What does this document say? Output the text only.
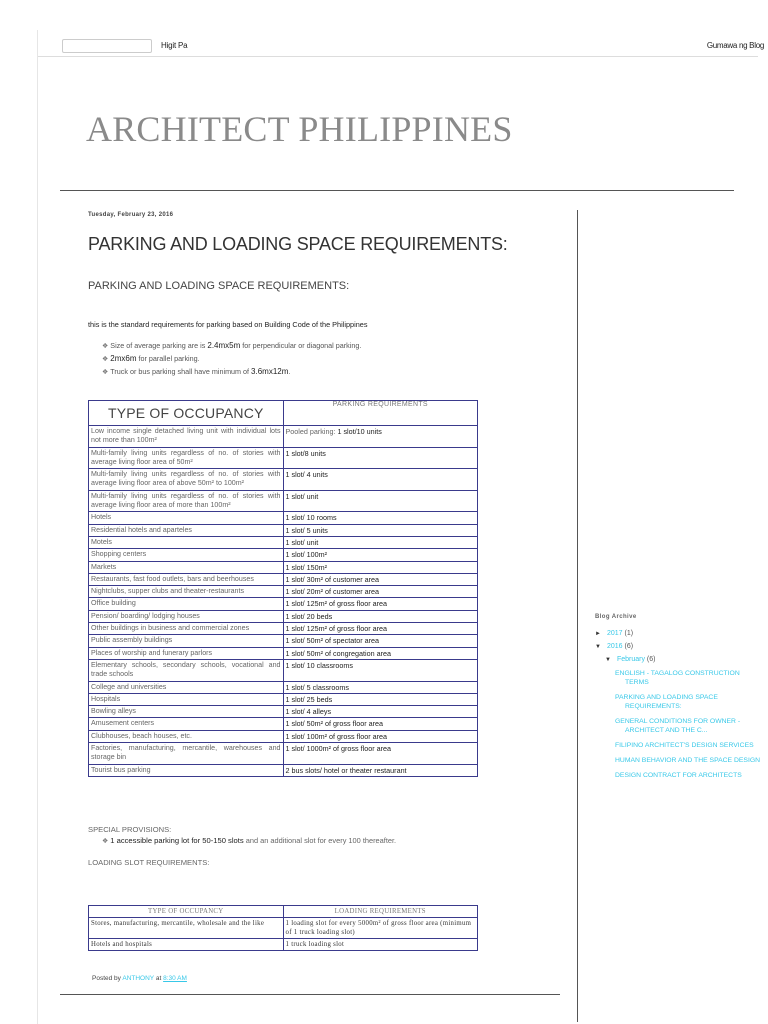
Higit Pa	Gumawa ng Blog
ARCHITECT PHILIPPINES
Tuesday, February 23, 2016
PARKING AND LOADING SPACE REQUIREMENTS:
PARKING AND LOADING SPACE REQUIREMENTS:
this is the standard requirements for parking based on Building Code of the Philippines
❖ Size of average parking are is 2.4mx5m for perpendicular or diagonal parking.
❖ 2mx6m for parallel parking.
❖ Truck or bus parking shall have minimum of 3.6mx12m.
TYPE OF OCCUPANCY	PARKING REQUIREMENTS
Low income single detached living unit with individual lots not more than 100m²	Pooled parking: 1 slot/10 units
Multi-family living units regardless of no. of stories with average living floor area of 50m²	1 slot/8 units
Multi-family living units regardless of no. of stories with average living floor area of above 50m² to 100m²	1 slot/ 4 units
Multi-family living units regardless of no. of stories with average living floor area of more than 100m²	1 slot/ unit
Hotels	1 slot/ 10 rooms
Residential hotels and aparteles	1 slot/ 5 units
Motels	1 slot/ unit
Shopping centers	1 slot/ 100m²
Markets	1 slot/ 150m²
Restaurants, fast food outlets, bars and beerhouses	1 slot/ 30m² of customer area
Nightclubs, supper clubs and theater-restaurants	1 slot/ 20m² of customer area
Office building	1 slot/ 125m² of gross floor area
Pension/ boarding/ lodging houses	1 slot/ 20 beds
Other buildings in business and commercial zones	1 slot/ 125m² of gross floor area
Public assembly buildings	1 slot/ 50m² of spectator area
Places of worship and funerary parlors	1 slot/ 50m² of congregation area
Elementary schools, secondary schools, vocational and trade schools	1 slot/ 10 classrooms
College and universities	1 slot/ 5 classrooms
Hospitals	1 slot/ 25 beds
Bowling alleys	1 slot/ 4 alleys
Amusement centers	1 slot/ 50m² of gross floor area
Clubhouses, beach houses, etc.	1 slot/ 100m² of gross floor area
Factories, manufacturing, mercantile, warehouses and storage bin	1 slot/ 1000m² of gross floor area
Tourist bus parking	2 bus slots/ hotel or theater restaurant
SPECIAL PROVISIONS:
❖ 1 accessible parking lot for 50-150 slots and an additional slot for every 100 thereafter.
LOADING SLOT REQUIREMENTS:
TYPE OF OCCUPANCY	LOADING REQUIREMENTS
Stores, manufacturing, mercantile, wholesale and the like	1 loading slot for every 5000m² of gross floor area (minimum of 1 truck loading slot)
Hotels and hospitals	1 truck loading slot
Posted by ANTHONY at 8:30 AM
Blog Archive
► 2017 (1)
▼ 2016 (6)
▼ February (6)
ENGLISH - TAGALOG CONSTRUCTION TERMS
PARKING AND LOADING SPACE REQUIREMENTS:
GENERAL CONDITIONS FOR OWNER - ARCHITECT AND THE C...
FILIPINO ARCHITECT'S DESIGN SERVICES
HUMAN BEHAVIOR AND THE SPACE DESIGN
DESIGN CONTRACT FOR ARCHITECTS
